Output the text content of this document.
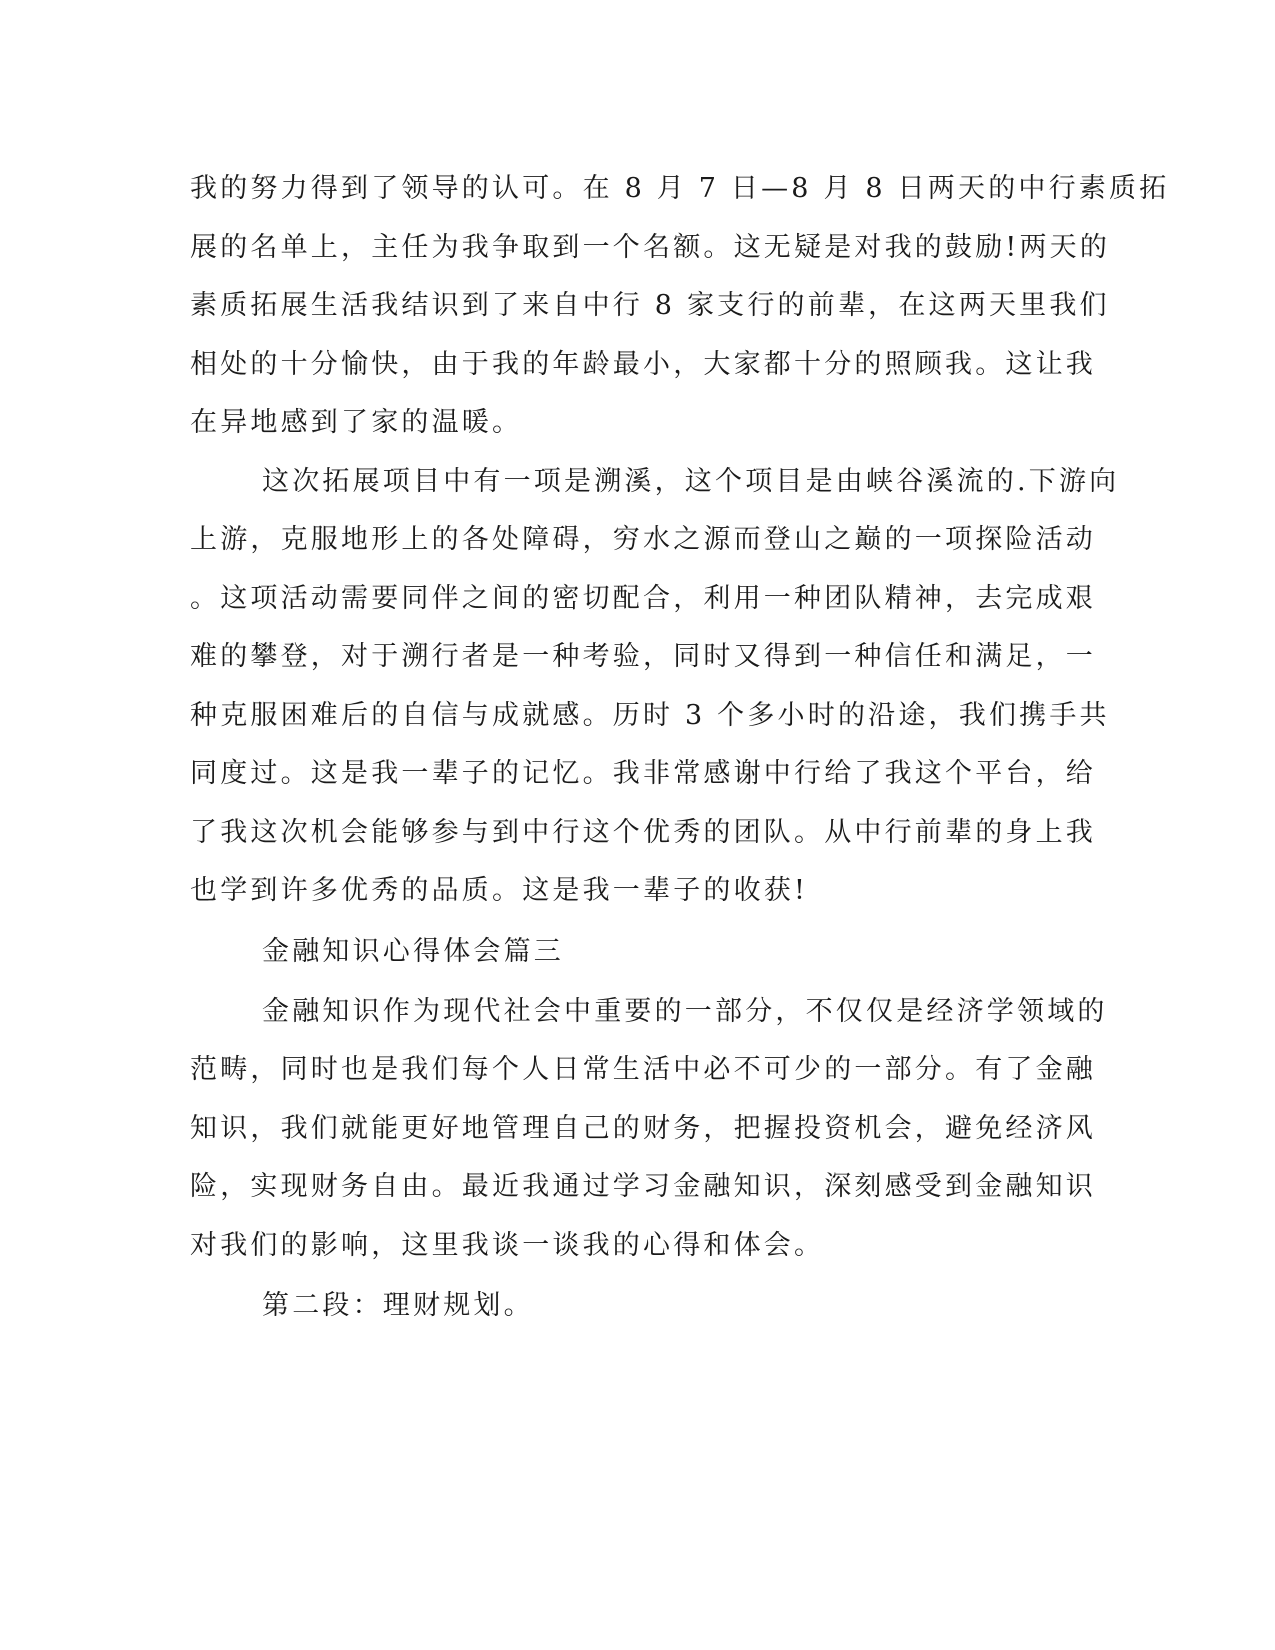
我的努力得到了领导的认可。在 8 月 7 日—8 月 8 日两天的中行素质拓
展的名单上，主任为我争取到一个名额。这无疑是对我的鼓励!两天的
素质拓展生活我结识到了来自中行 8 家支行的前辈，在这两天里我们
相处的十分愉快，由于我的年龄最小，大家都十分的照顾我。这让我
在异地感到了家的温暖。
这次拓展项目中有一项是溯溪，这个项目是由峡谷溪流的.下游向
上游，克服地形上的各处障碍，穷水之源而登山之巅的一项探险活动
。这项活动需要同伴之间的密切配合，利用一种团队精神，去完成艰
难的攀登，对于溯行者是一种考验，同时又得到一种信任和满足，一
种克服困难后的自信与成就感。历时 3 个多小时的沿途，我们携手共
同度过。这是我一辈子的记忆。我非常感谢中行给了我这个平台，给
了我这次机会能够参与到中行这个优秀的团队。从中行前辈的身上我
也学到许多优秀的品质。这是我一辈子的收获!
金融知识心得体会篇三
金融知识作为现代社会中重要的一部分，不仅仅是经济学领域的
范畴，同时也是我们每个人日常生活中必不可少的一部分。有了金融
知识，我们就能更好地管理自己的财务，把握投资机会，避免经济风
险，实现财务自由。最近我通过学习金融知识，深刻感受到金融知识
对我们的影响，这里我谈一谈我的心得和体会。
第二段：理财规划。
